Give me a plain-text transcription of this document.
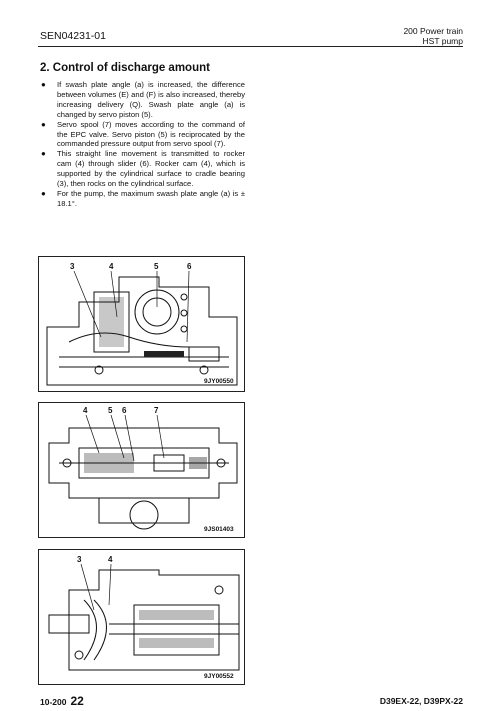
SEN04231-01	200 Power train
HST pump
2. Control of discharge amount
● If swash plate angle (a) is increased, the difference between volumes (E) and (F) is also increased, thereby increasing delivery (Q). Swash plate angle (a) is changed by servo piston (5).
● Servo spool (7) moves according to the command of the EPC valve. Servo piston (5) is reciprocated by the commanded pressure output from servo spool (7).
● This straight line movement is transmitted to rocker cam (4) through slider (6). Rocker cam (4), which is supported by the cylindrical surface to cradle bearing (3), then rocks on the cylindrical surface.
● For the pump, the maximum swash plate angle (a) is ± 18.1°.
3	4	5	6
9JY00550
4	5 6	7
9JS01403
3	4
9JY00552
10-200 22	D39EX-22, D39PX-22
